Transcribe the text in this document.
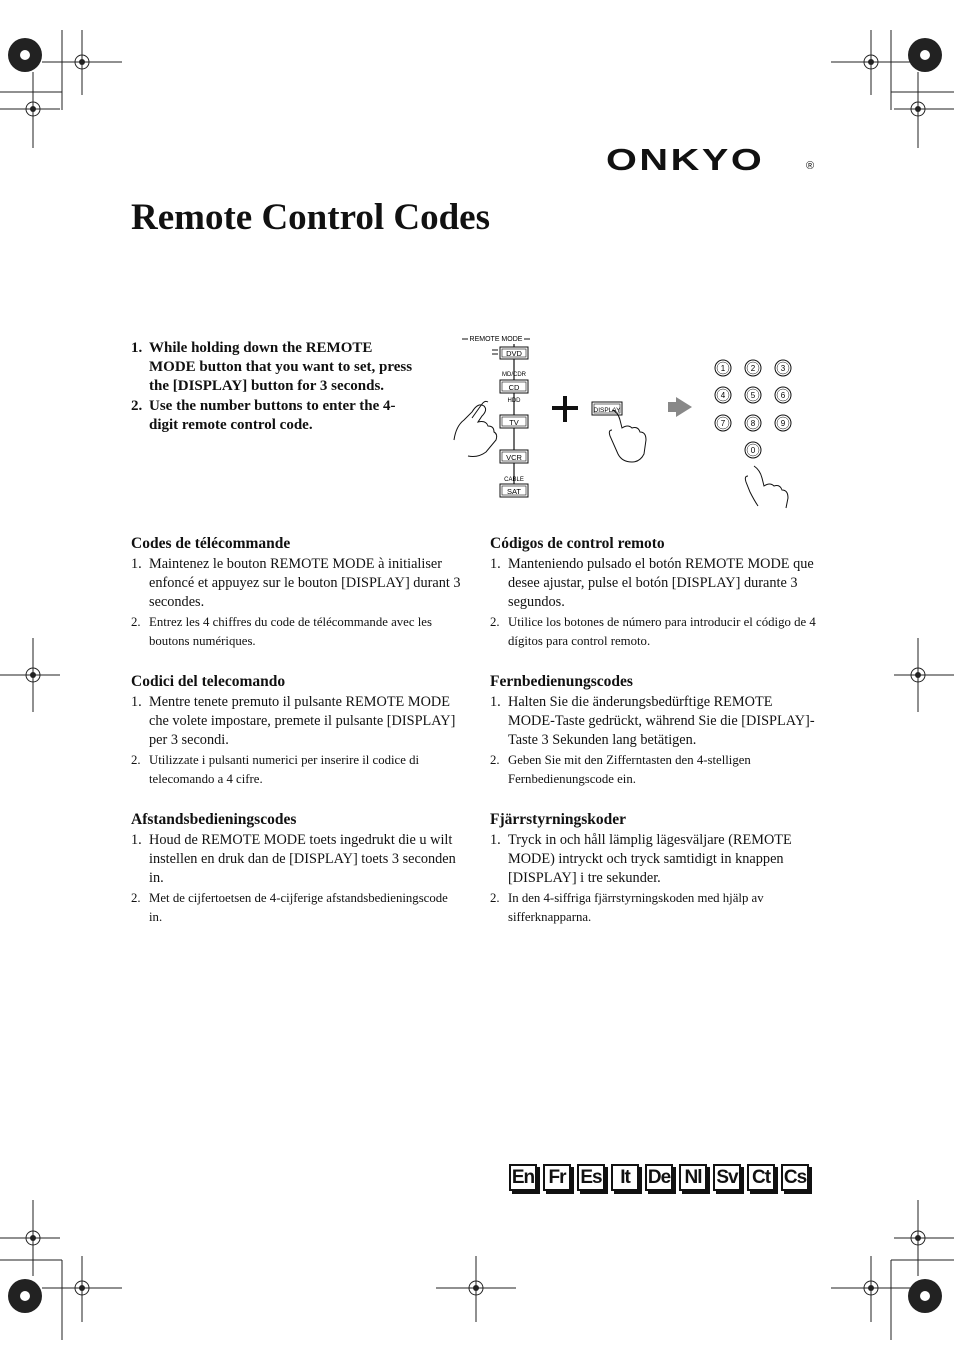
ONKYO	®
Remote Control Codes
1. While holding down the REMOTE MODE button that you want to set, press the [DISPLAY] button for 3 seconds.
2. Use the number buttons to enter the 4-digit remote control code.
REMOTE MODE
DVD
MD/CDR
CD
HDD
TV
VCR
CABLE
SAT
DISPLAY
1	2	3
4	5	6
7	8	9
0
Codes de télécommande
1. Maintenez le bouton REMOTE MODE à initialiser enfoncé et appuyez sur le bouton [DISPLAY] durant 3 secondes.
2. Entrez les 4 chiffres du code de télécommande avec les boutons numériques.
Codici del telecomando
1. Mentre tenete premuto il pulsante REMOTE MODE che volete impostare, premete il pulsante [DISPLAY] per 3 secondi.
2. Utilizzate i pulsanti numerici per inserire il codice di telecomando a 4 cifre.
Afstandsbedieningscodes
1. Houd de REMOTE MODE toets ingedrukt die u wilt instellen en druk dan de [DISPLAY] toets 3 seconden in.
2. Met de cijfertoetsen de 4-cijferige afstandsbedieningscode in.
Códigos de control remoto
1. Manteniendo pulsado el botón REMOTE MODE que desee ajustar, pulse el botón [DISPLAY] durante 3 segundos.
2. Utilice los botones de número para introducir el código de 4 dígitos para control remoto.
Fernbedienungscodes
1. Halten Sie die änderungsbedürftige REMOTE MODE-Taste gedrückt, während Sie die [DISPLAY]-Taste 3 Sekunden lang betätigen.
2. Geben Sie mit den Zifferntasten den 4-stelligen Fernbedienungscode ein.
Fjärrstyrningskoder
1. Tryck in och håll lämplig lägesväljare (REMOTE MODE) intryckt och tryck samtidigt in knappen [DISPLAY] i tre sekunder.
2. In den 4-siffriga fjärrstyrningskoden med hjälp av sifferknapparna.
En Fr Es It De Nl Sv Ct Cs
